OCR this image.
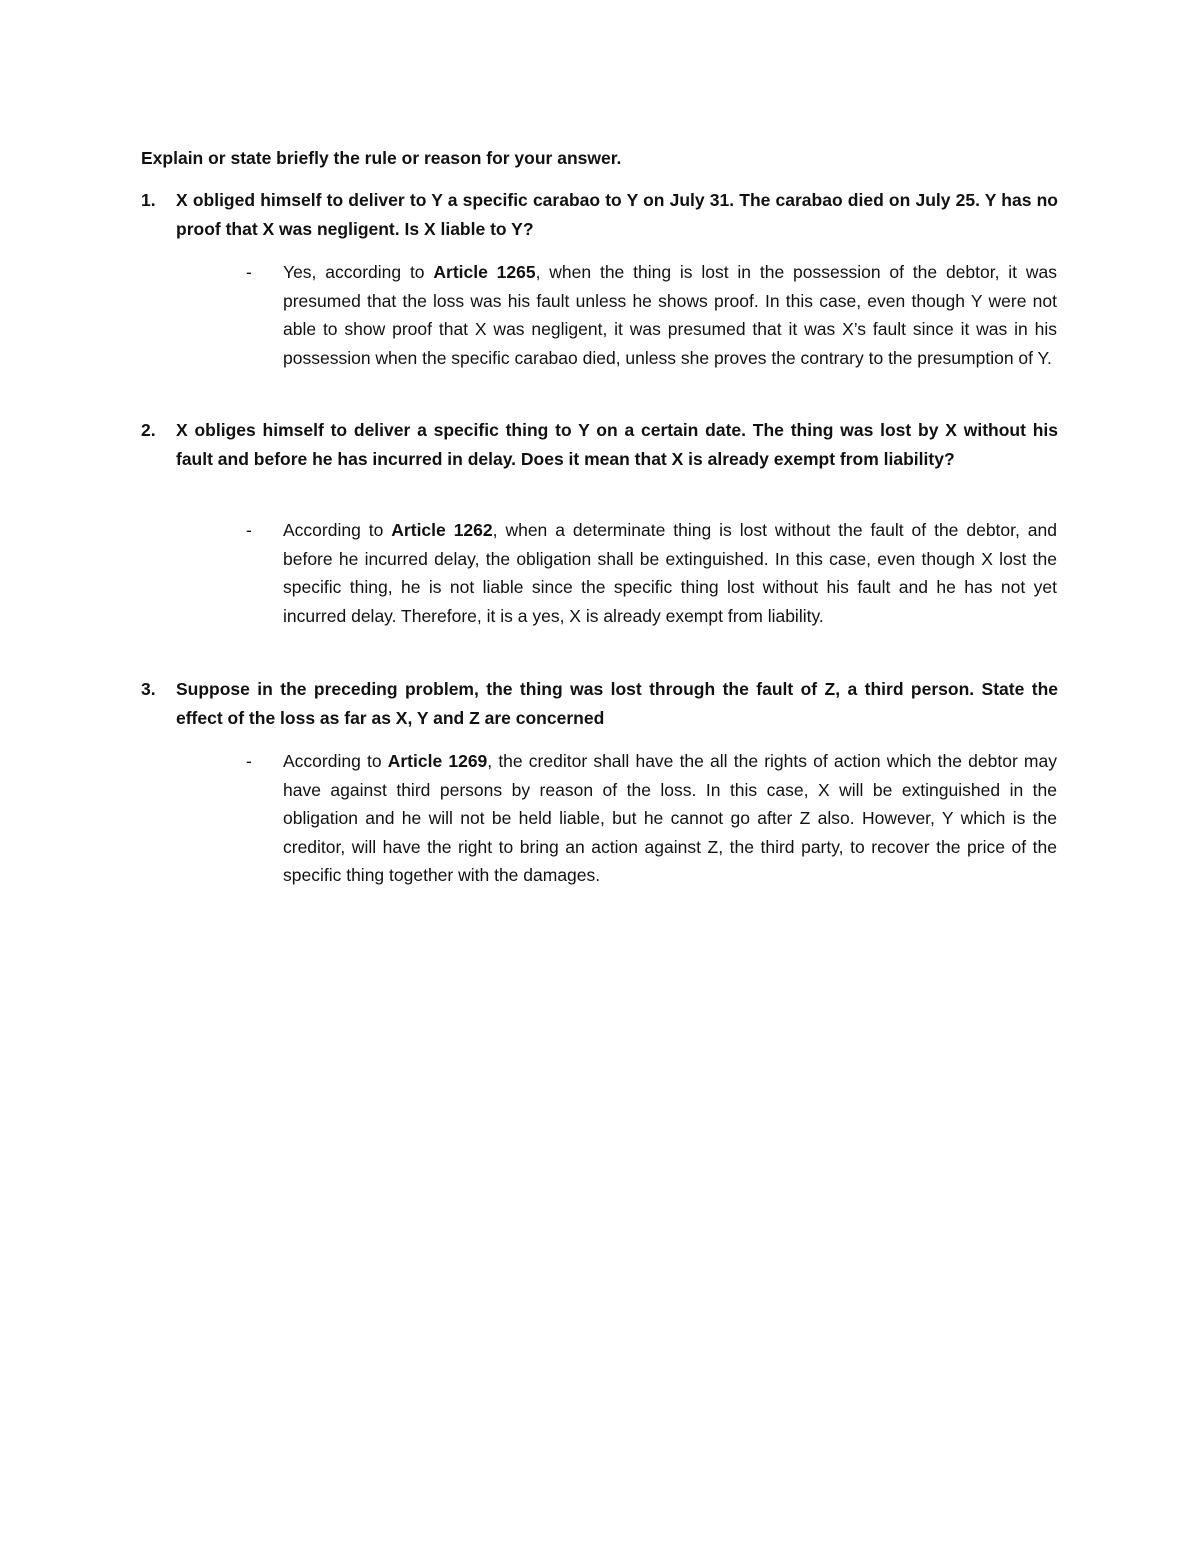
Explain or state briefly the rule or reason for your answer.

1. X obliged himself to deliver to Y a specific carabao to Y on July 31. The carabao died on July 25. Y has no proof that X was negligent. Is X liable to Y?
- Yes, according to Article 1265, when the thing is lost in the possession of the debtor, it was presumed that the loss was his fault unless he shows proof. In this case, even though Y were not able to show proof that X was negligent, it was presumed that it was X’s fault since it was in his possession when the specific carabao died, unless she proves the contrary to the presumption of Y.
2. X obliges himself to deliver a specific thing to Y on a certain date. The thing was lost by X without his fault and before he has incurred in delay. Does it mean that X is already exempt from liability?
- According to Article 1262, when a determinate thing is lost without the fault of the debtor, and before he incurred delay, the obligation shall be extinguished. In this case, even though X lost the specific thing, he is not liable since the specific thing lost without his fault and he has not yet incurred delay. Therefore, it is a yes, X is already exempt from liability.
3. Suppose in the preceding problem, the thing was lost through the fault of Z, a third person. State the effect of the loss as far as X, Y and Z are concerned
- According to Article 1269, the creditor shall have the all the rights of action which the debtor may have against third persons by reason of the loss. In this case, X will be extinguished in the obligation and he will not be held liable, but he cannot go after Z also. However, Y which is the creditor, will have the right to bring an action against Z, the third party, to recover the price of the specific thing together with the damages.
